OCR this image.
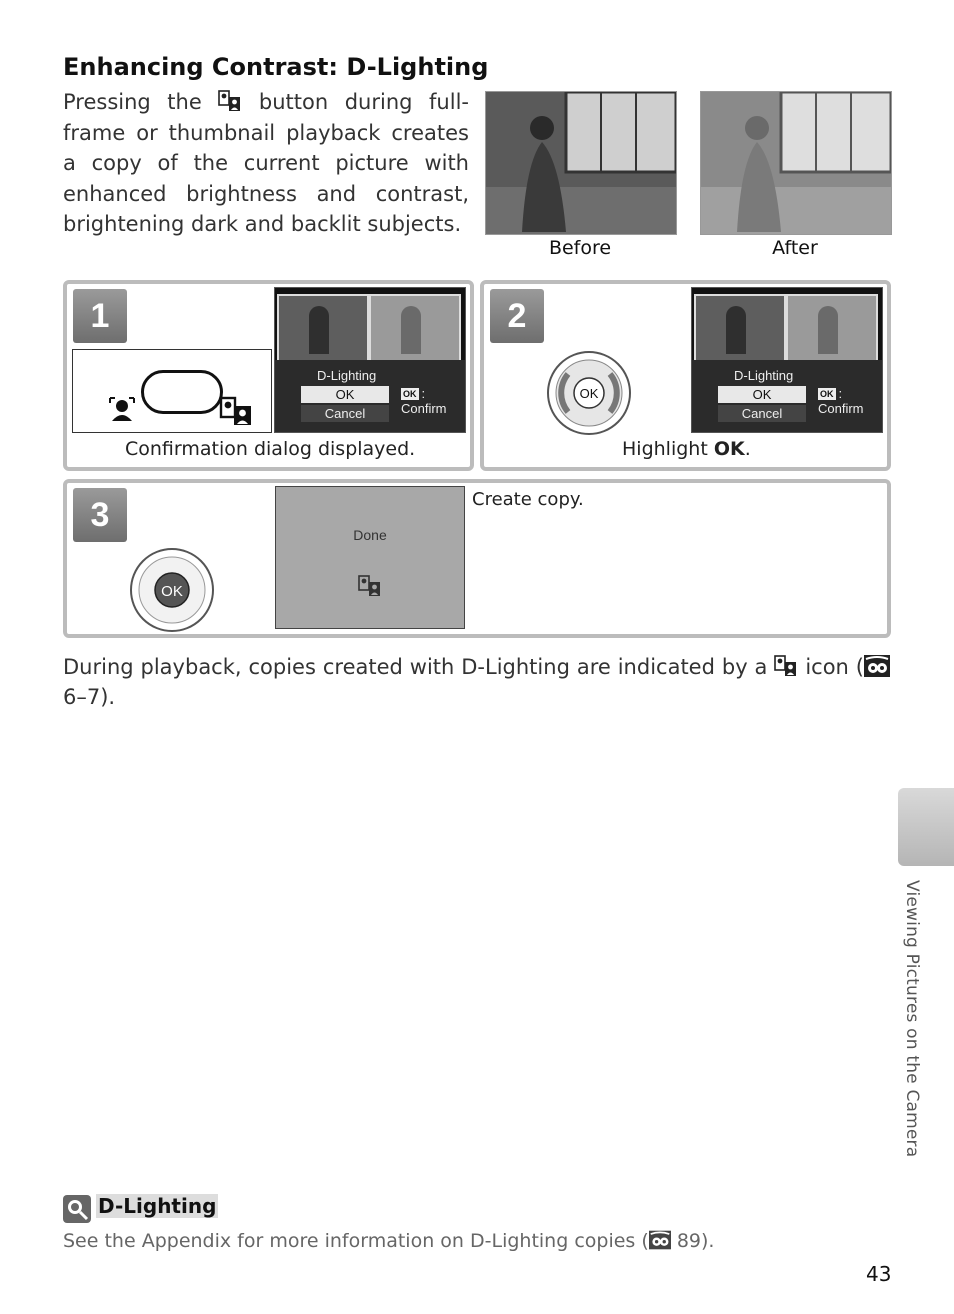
Enhancing Contrast: D-Lighting
Pressing the	button during full-frame or thumbnail playback creates a copy of the current picture with enhanced brightness and contrast, brightening dark and backlit subjects.
Before	After
1
D-Lighting
OK
Cancel
OK : Confirm
Confirmation dialog displayed.
2
OK
D-Lighting
OK
Cancel
OK : Confirm
Highlight OK.
3
OK
Done
Create copy.
During playback, copies created with D-Lighting are indicated by a icon ( 6–7).
Viewing Pictures on the Camera
D-Lighting
See the Appendix for more information on D-Lighting copies ( 89).
43
